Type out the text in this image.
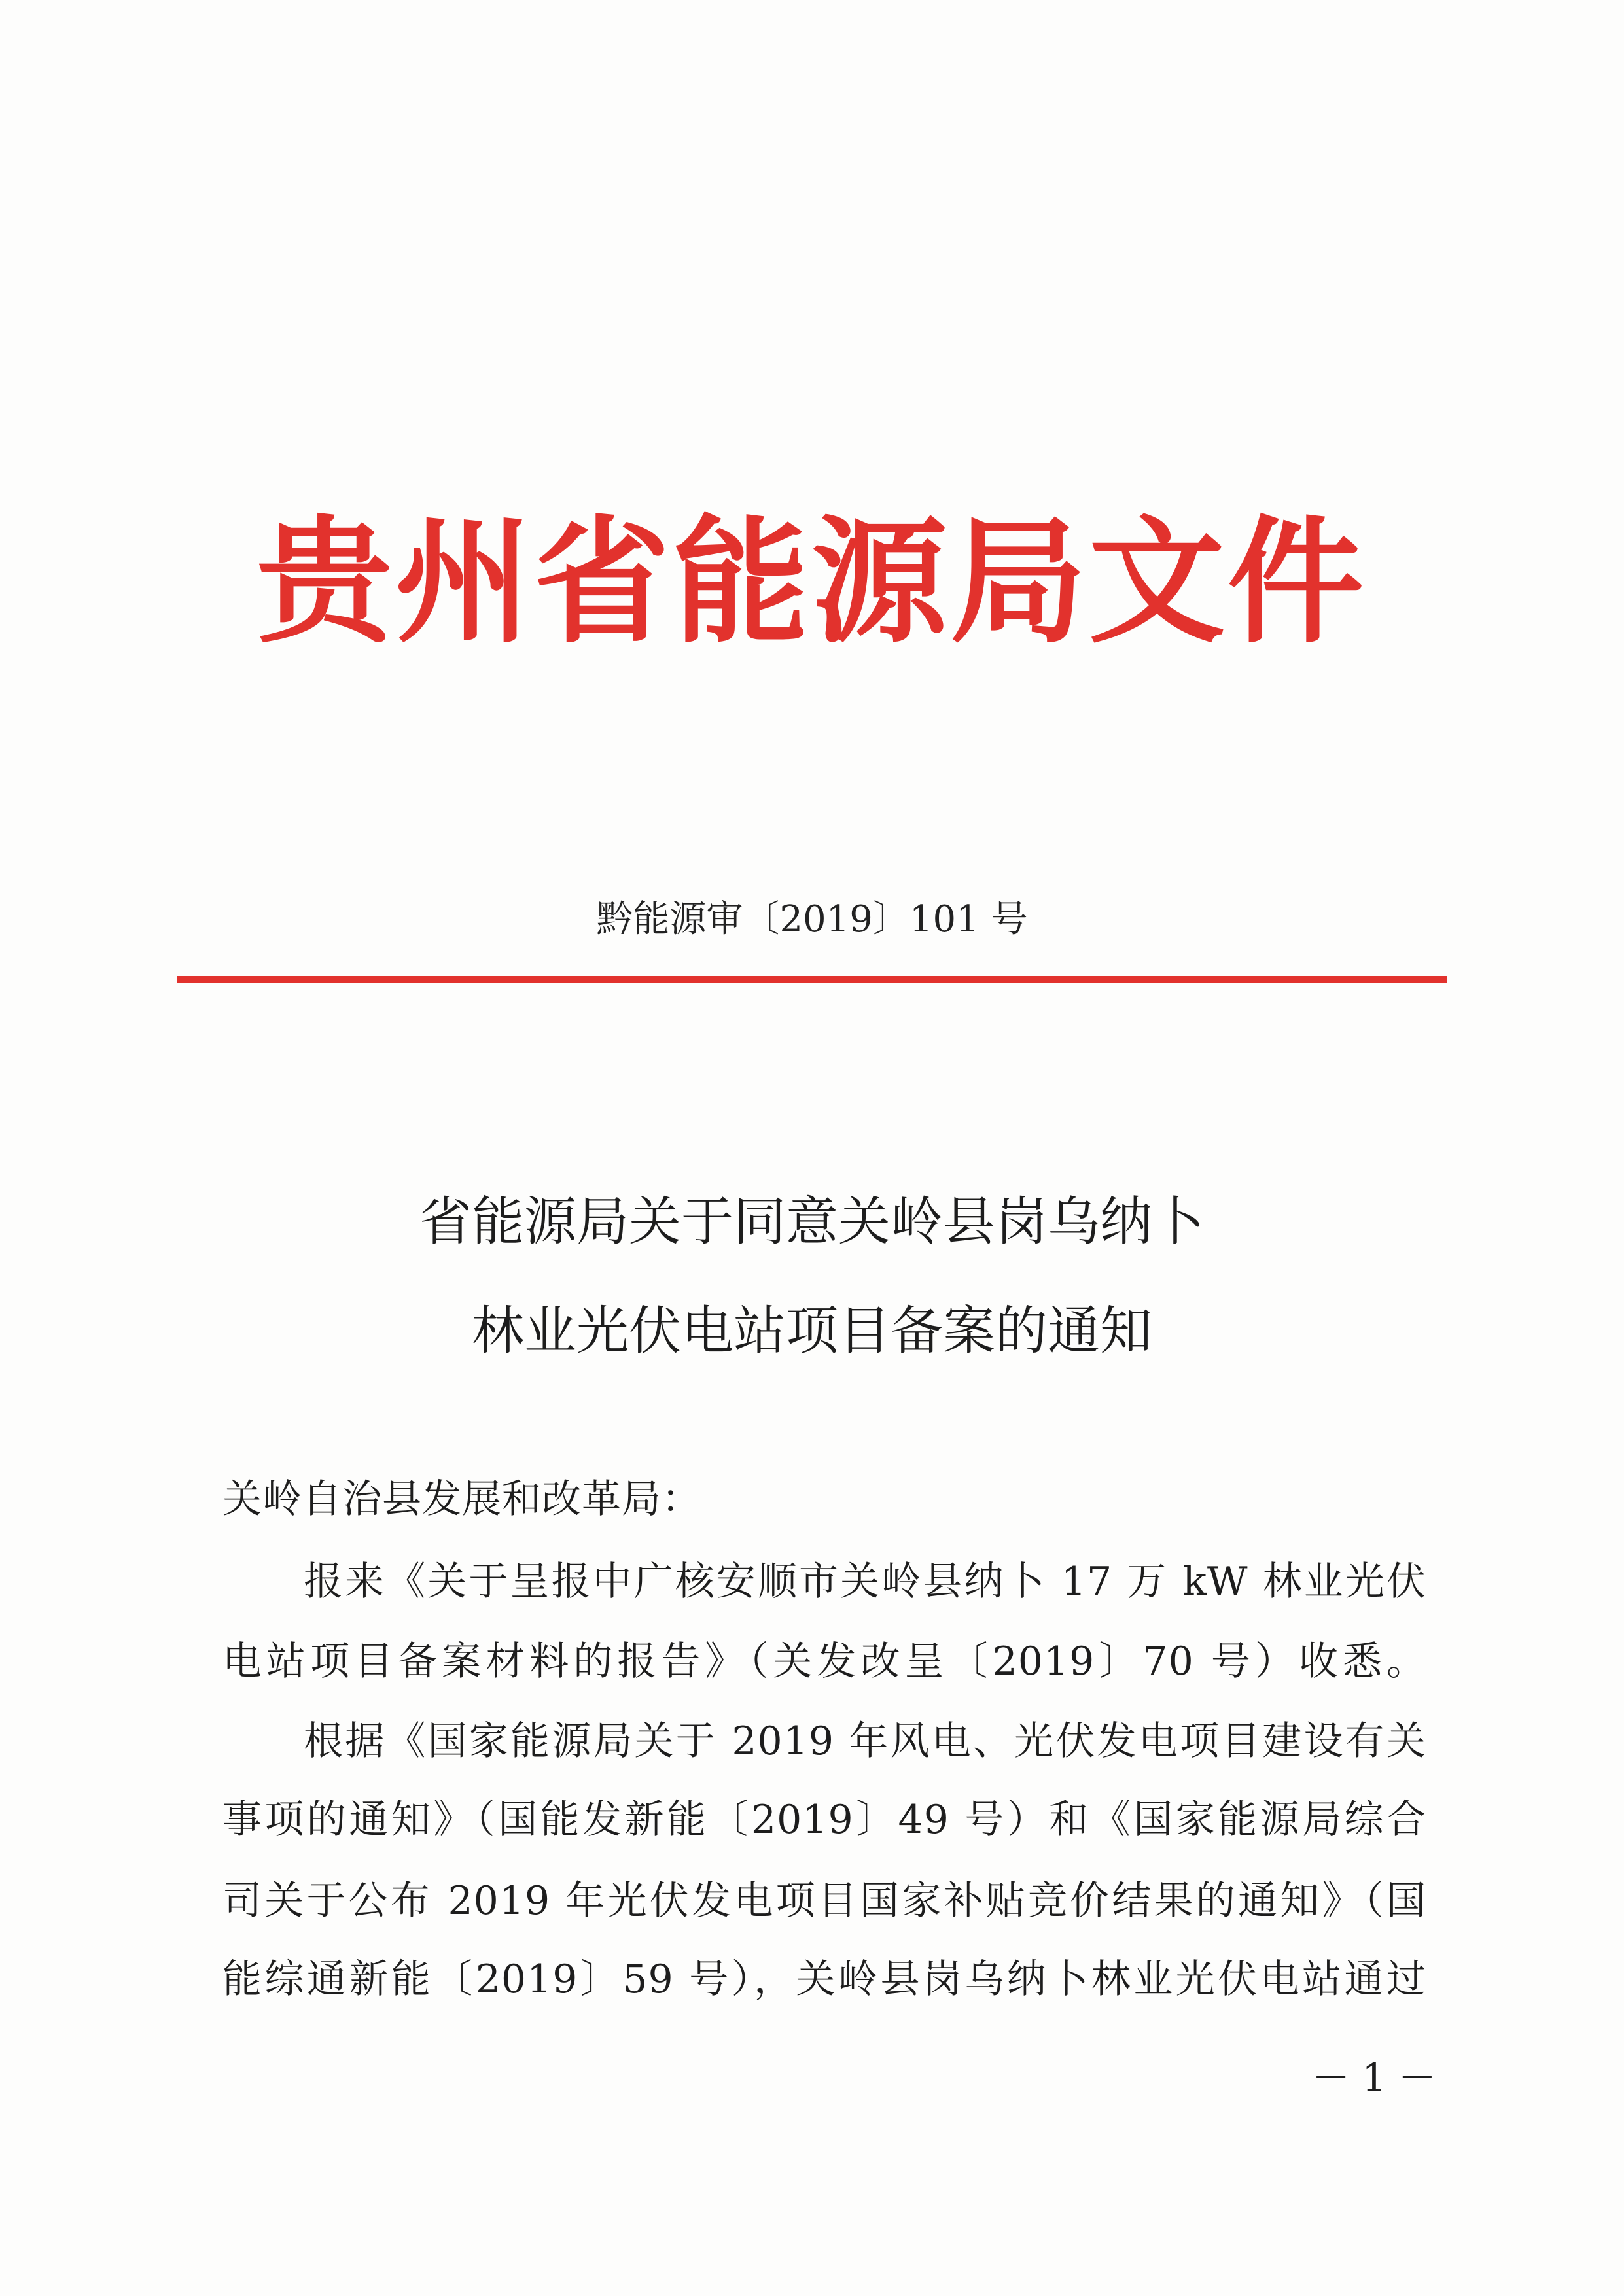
贵州省能源局文件
黔能源审〔2019〕101 号
省能源局关于同意关岭县岗乌纳卜
林业光伏电站项目备案的通知
关岭自治县发展和改革局：
报来《关于呈报中广核安顺市关岭县纳卜 17 万 kW 林业光伏
电站项目备案材料的报告》（关发改呈〔2019〕70 号）收悉。
根据《国家能源局关于 2019 年风电、光伏发电项目建设有关
事项的通知》（国能发新能〔2019〕49 号）和《国家能源局综合
司关于公布 2019 年光伏发电项目国家补贴竞价结果的通知》（国
能综通新能〔2019〕59 号），关岭县岗乌纳卜林业光伏电站通过
－ 1 －
